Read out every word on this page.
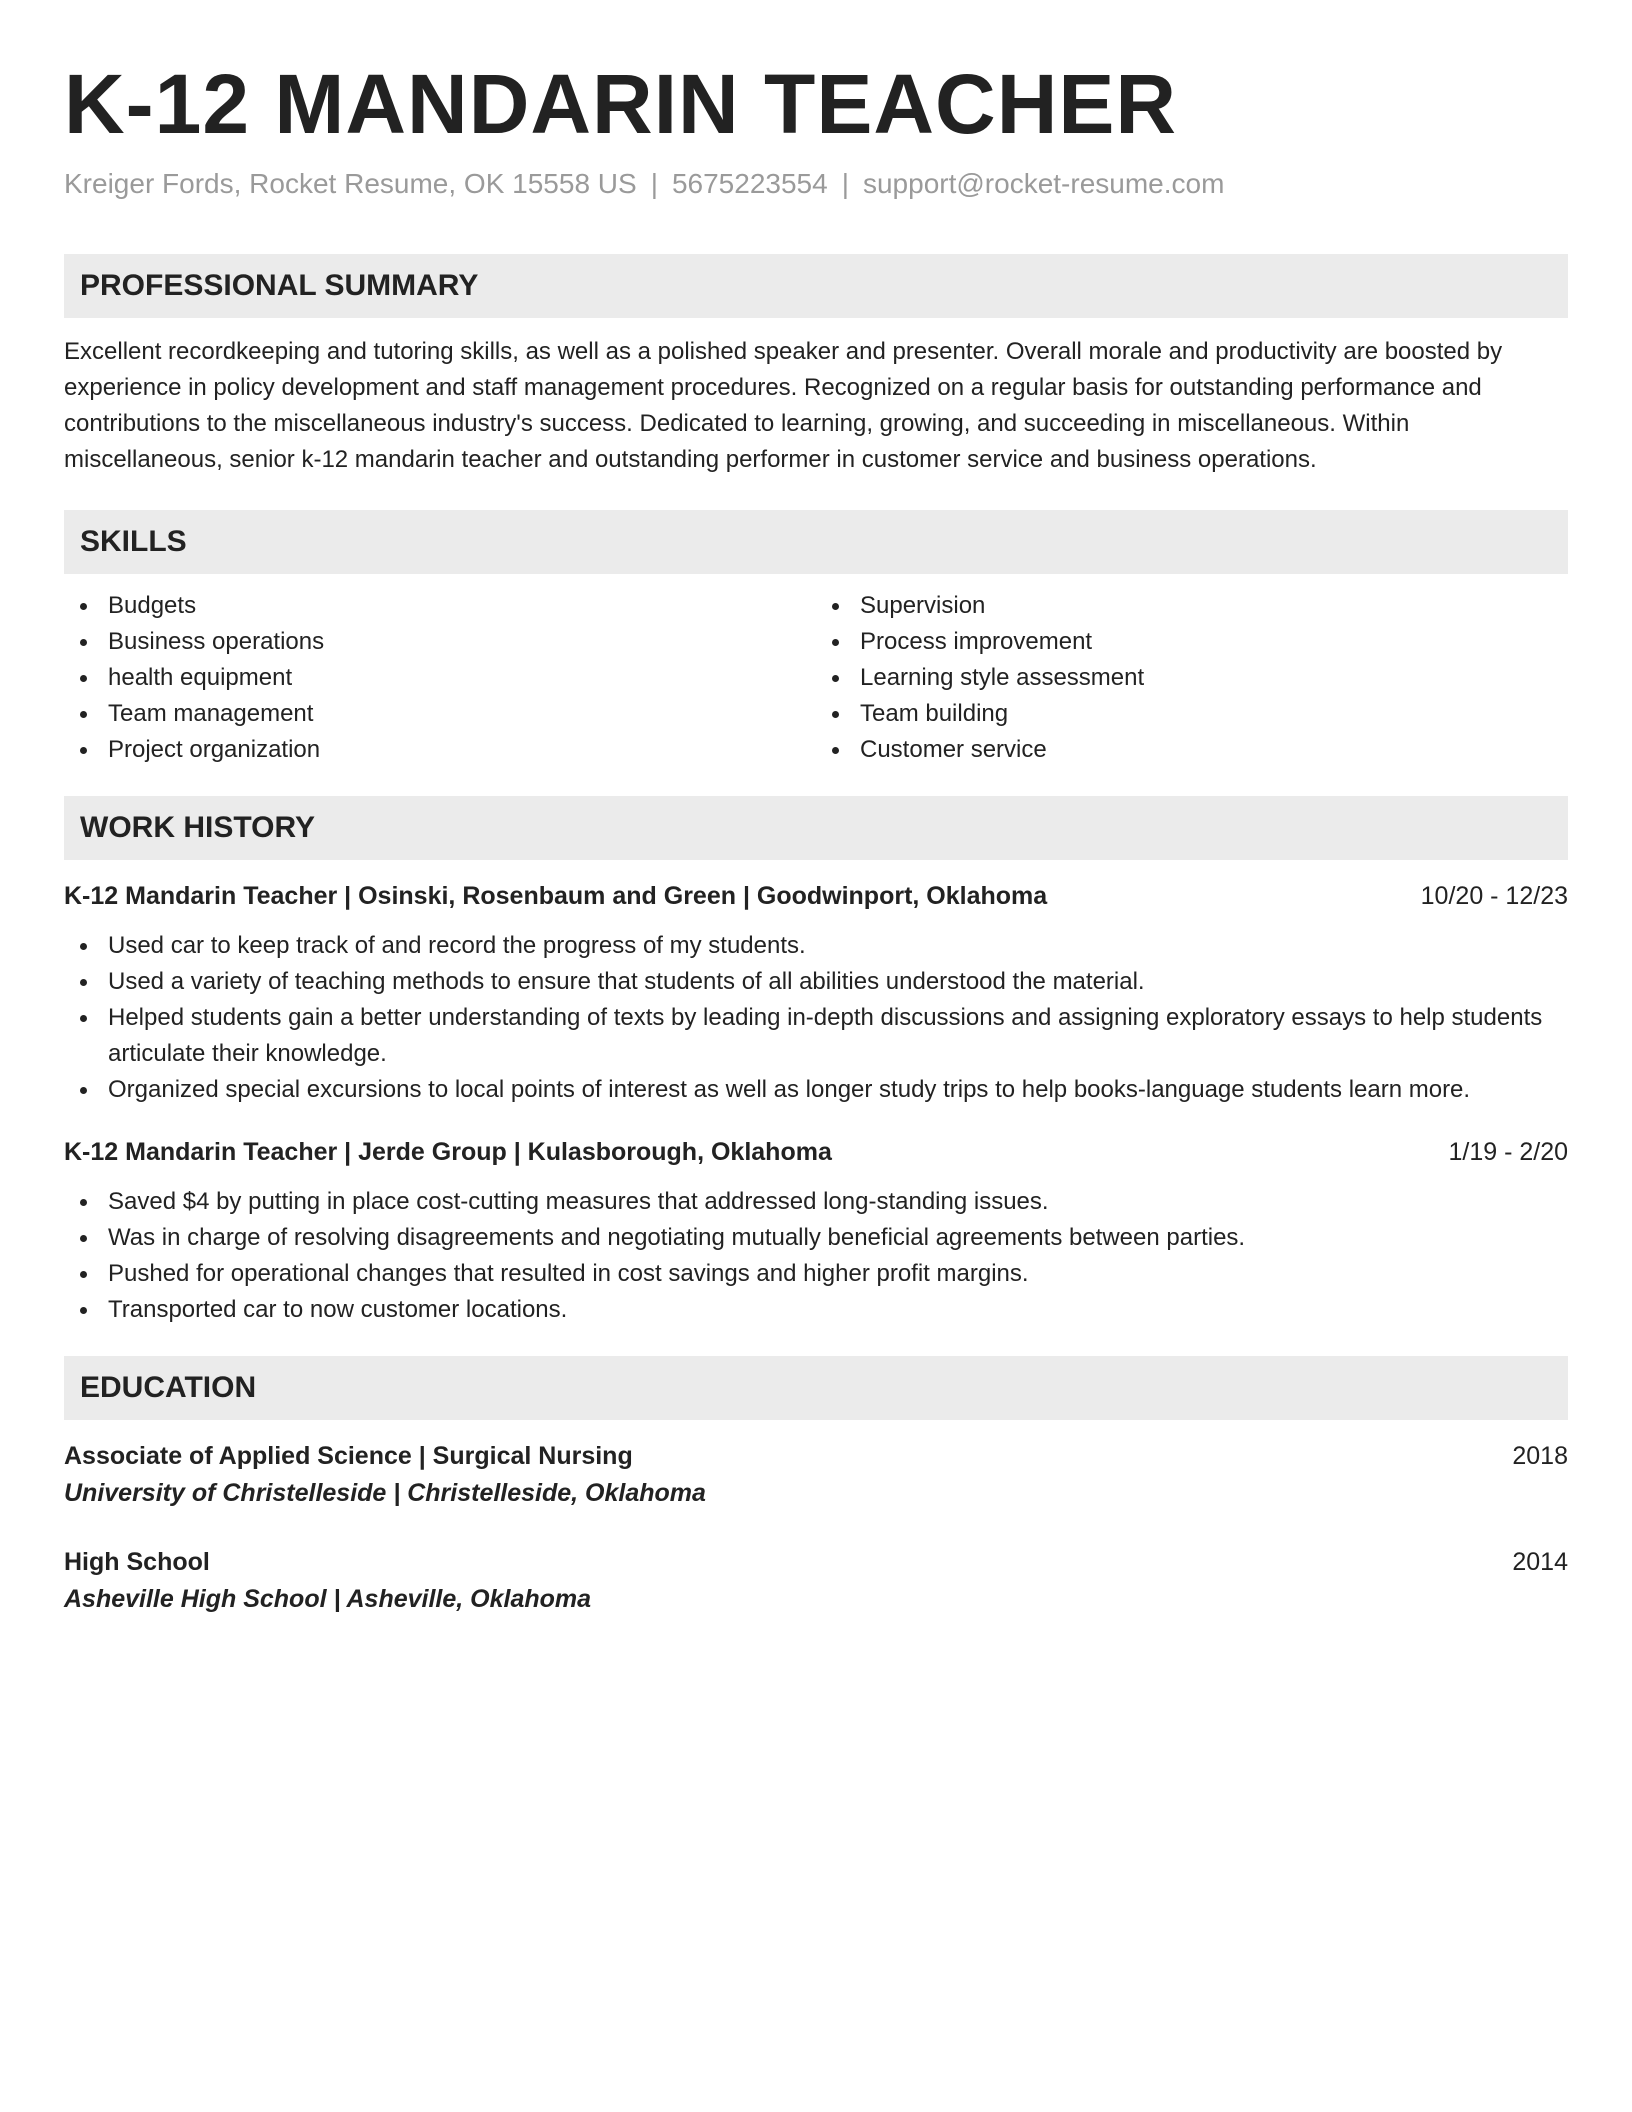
K-12 MANDARIN TEACHER
Kreiger Fords, Rocket Resume, OK 15558 US | 5675223554 | support@rocket-resume.com
PROFESSIONAL SUMMARY

Excellent recordkeeping and tutoring skills, as well as a polished speaker and presenter. Overall morale and productivity are boosted by experience in policy development and staff management procedures. Recognized on a regular basis for outstanding performance and contributions to the miscellaneous industry's success. Dedicated to learning, growing, and succeeding in miscellaneous. Within miscellaneous, senior k-12 mandarin teacher and outstanding performer in customer service and business operations.

SKILLS
Budgets
Business operations
health equipment
Team management
Project organization
Supervision
Process improvement
Learning style assessment
Team building
Customer service
WORK HISTORY
K-12 Mandarin Teacher | Osinski, Rosenbaum and Green | Goodwinport, Oklahoma	10/20 - 12/23
Used car to keep track of and record the progress of my students.
Used a variety of teaching methods to ensure that students of all abilities understood the material.
Helped students gain a better understanding of texts by leading in-depth discussions and assigning exploratory essays to help students articulate their knowledge.
Organized special excursions to local points of interest as well as longer study trips to help books-language students learn more.
K-12 Mandarin Teacher | Jerde Group | Kulasborough, Oklahoma	1/19 - 2/20
Saved $4 by putting in place cost-cutting measures that addressed long-standing issues.
Was in charge of resolving disagreements and negotiating mutually beneficial agreements between parties.
Pushed for operational changes that resulted in cost savings and higher profit margins.
Transported car to now customer locations.
EDUCATION
Associate of Applied Science | Surgical Nursing	2018
University of Christelleside | Christelleside, Oklahoma
High School	2014
Asheville High School | Asheville, Oklahoma
